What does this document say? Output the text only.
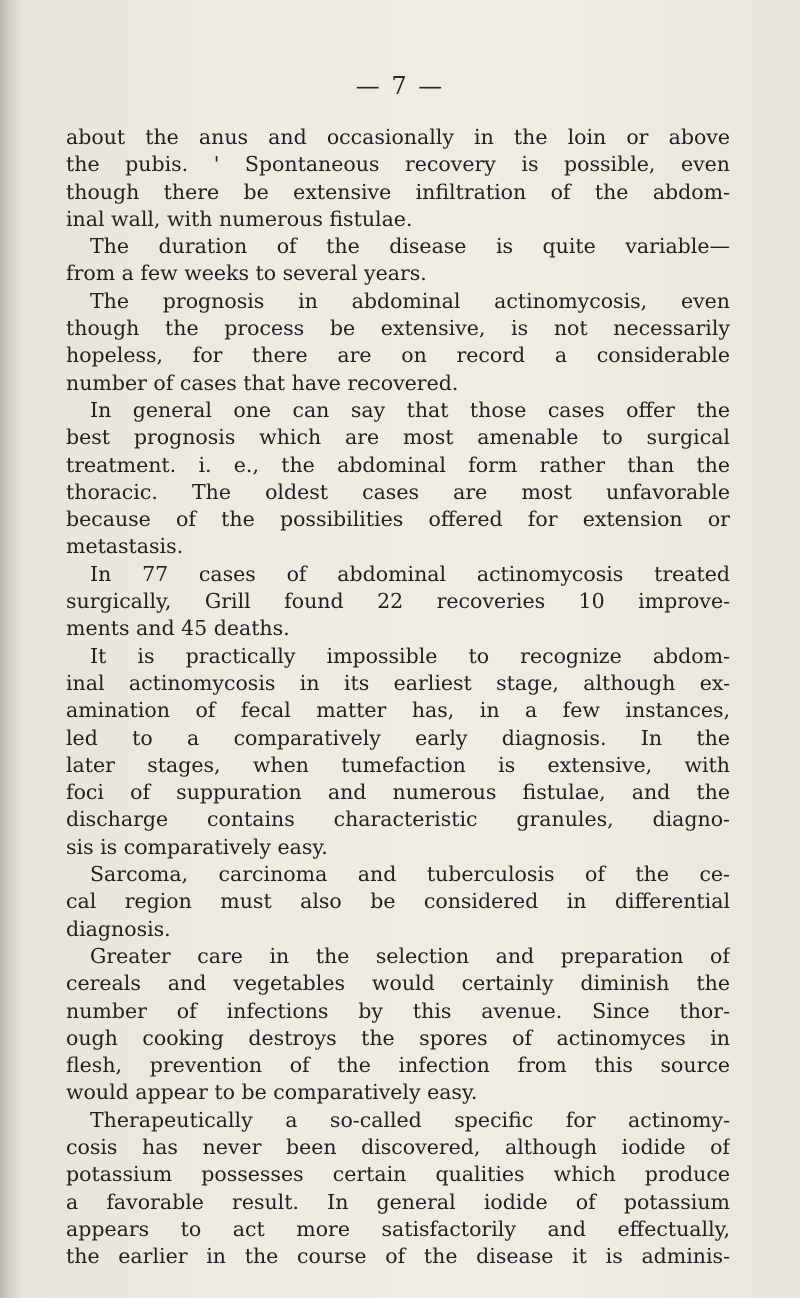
— 7 —
about the anus and occasionally in the loin or above
the pubis. ' Spontaneous recovery is possible, even
though there be extensive infiltration of the abdom-
inal wall, with numerous fistulae.
The duration of the disease is quite variable—
from a few weeks to several years.
The prognosis in abdominal actinomycosis, even
though the process be extensive, is not necessarily
hopeless, for there are on record a considerable
number of cases that have recovered.
In general one can say that those cases offer the
best prognosis which are most amenable to surgical
treatment. i. e., the abdominal form rather than the
thoracic. The oldest cases are most unfavorable
because of the possibilities offered for extension or
metastasis.
In 77 cases of abdominal actinomycosis treated
surgically, Grill found 22 recoveries 10 improve-
ments and 45 deaths.
It is practically impossible to recognize abdom-
inal actinomycosis in its earliest stage, although ex-
amination of fecal matter has, in a few instances,
led to a comparatively early diagnosis. In the
later stages, when tumefaction is extensive, with
foci of suppuration and numerous fistulae, and the
discharge contains characteristic granules, diagno-
sis is comparatively easy.
Sarcoma, carcinoma and tuberculosis of the ce-
cal region must also be considered in differential
diagnosis.
Greater care in the selection and preparation of
cereals and vegetables would certainly diminish the
number of infections by this avenue. Since thor-
ough cooking destroys the spores of actinomyces in
flesh, prevention of the infection from this source
would appear to be comparatively easy.
Therapeutically a so-called specific for actinomy-
cosis has never been discovered, although iodide of
potassium possesses certain qualities which produce
a favorable result. In general iodide of potassium
appears to act more satisfactorily and effectually,
the earlier in the course of the disease it is adminis-
